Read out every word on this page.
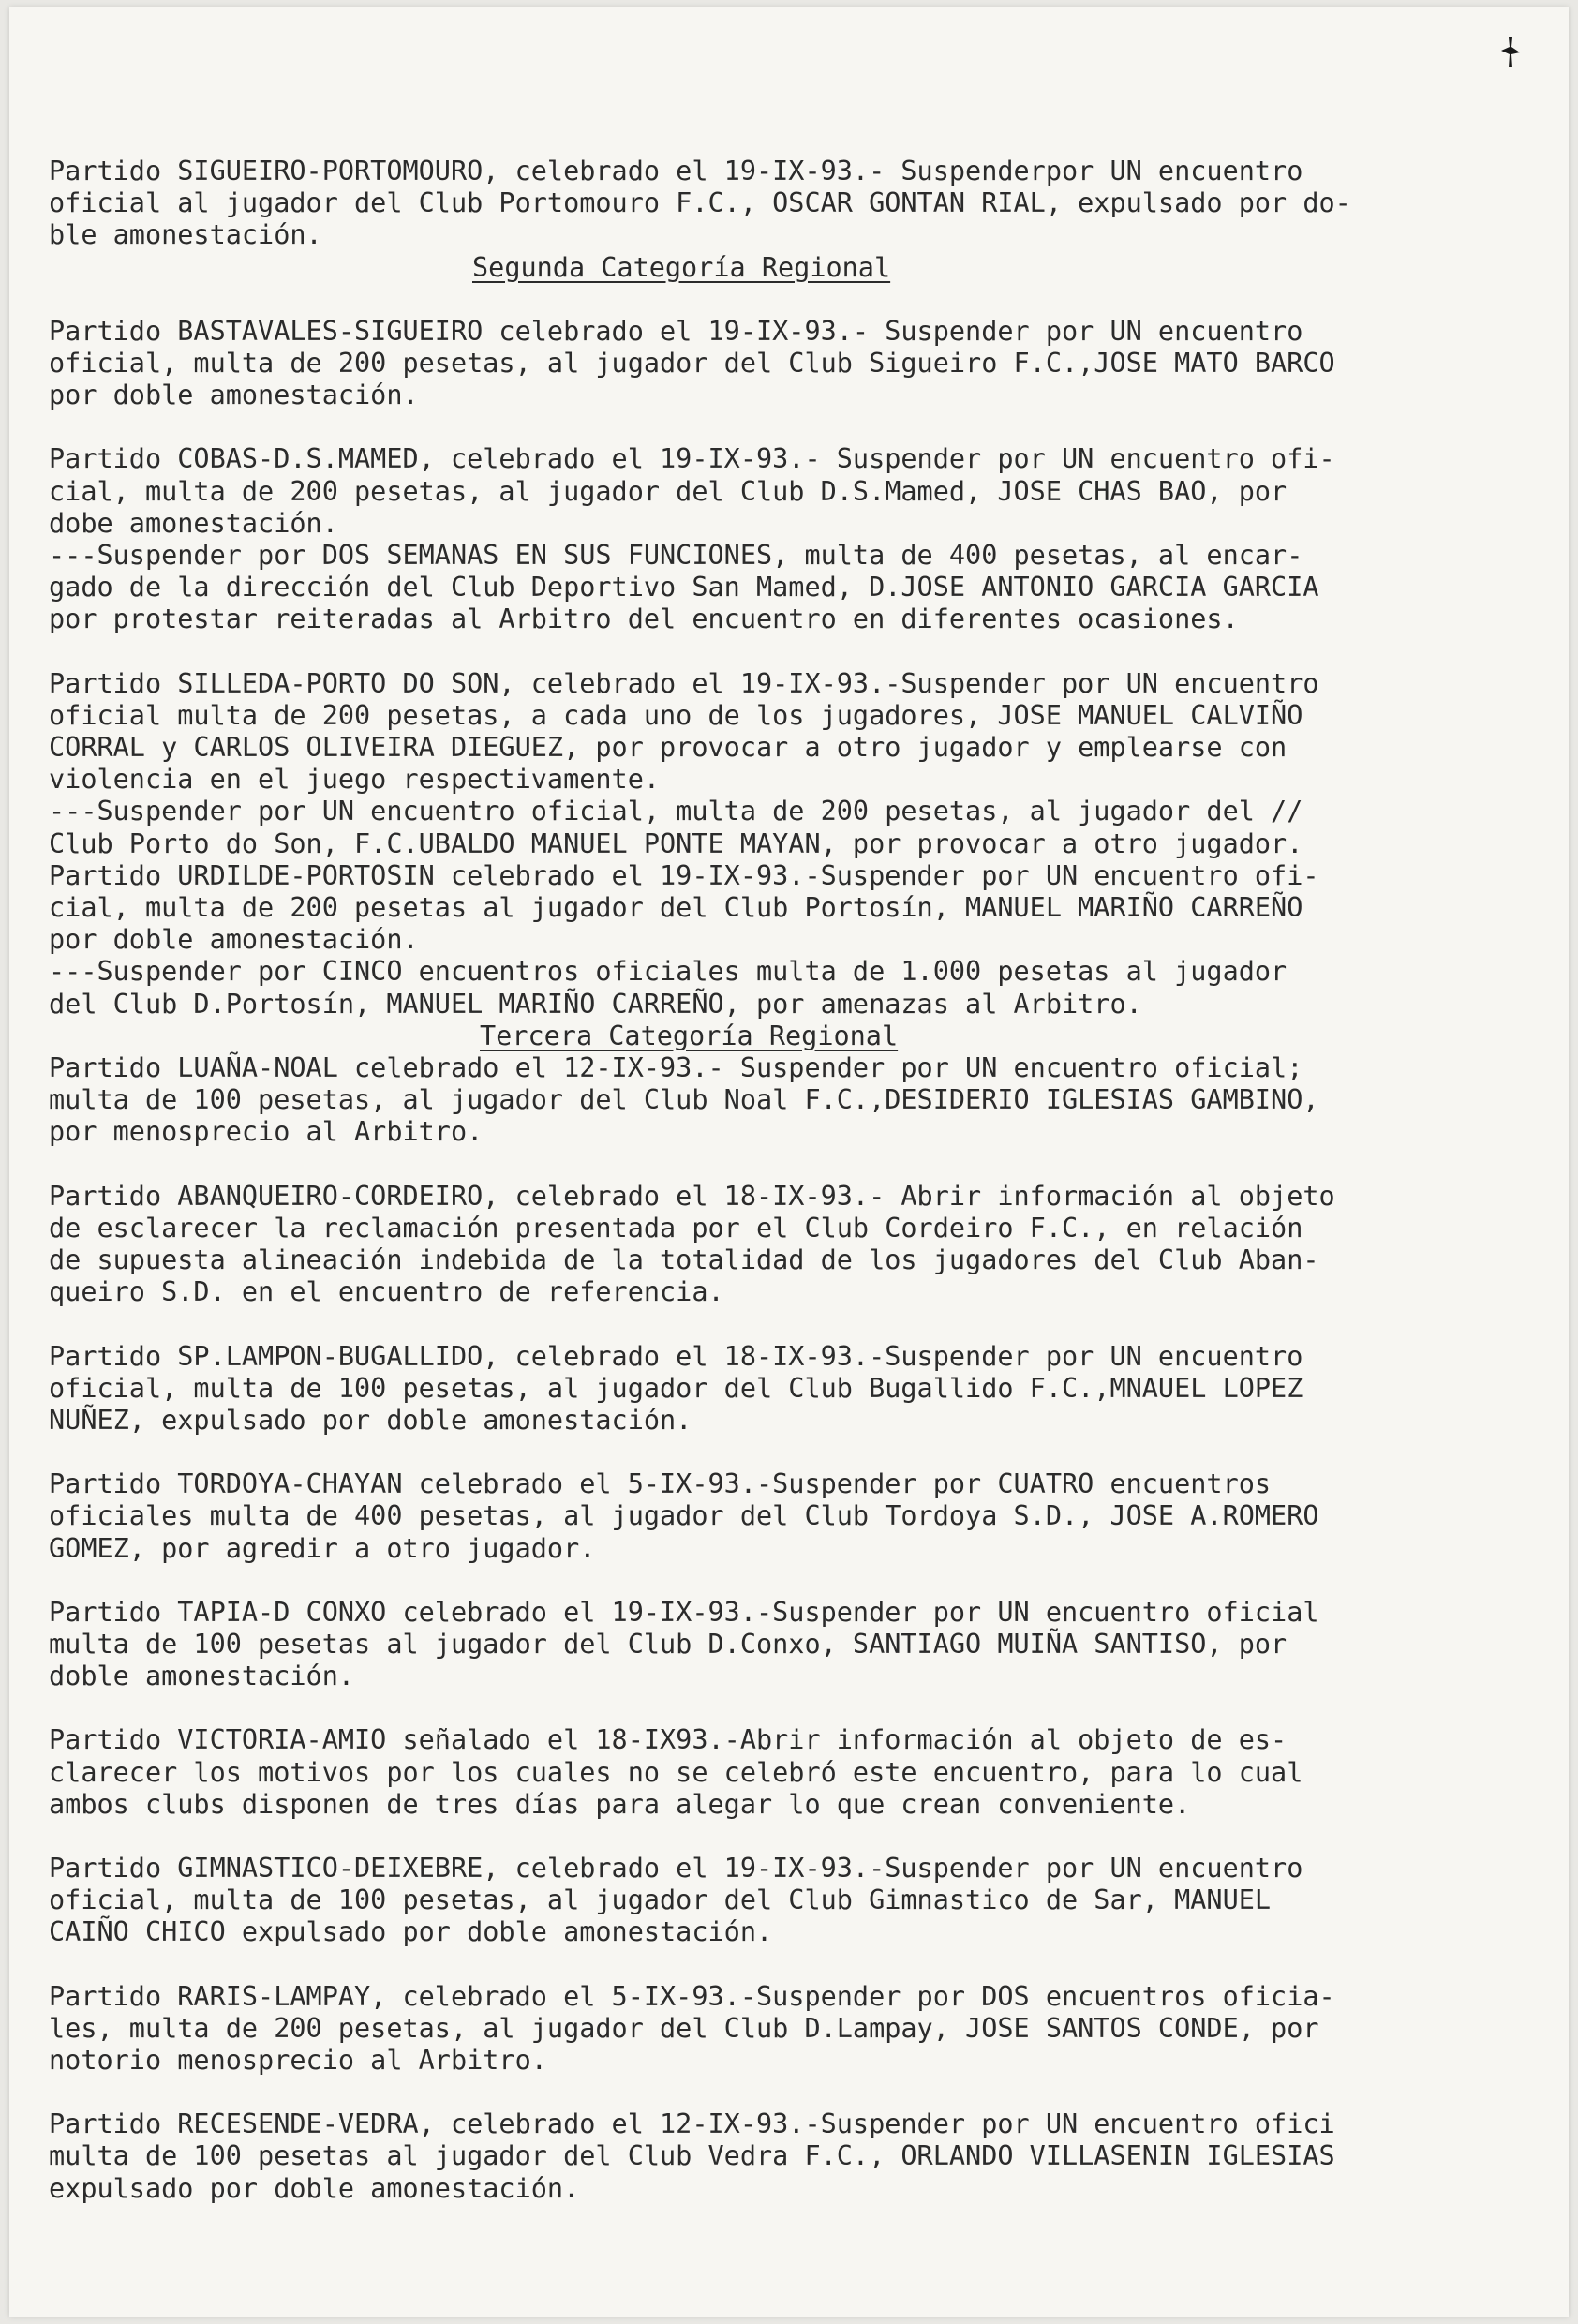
Partido SIGUEIRO-PORTOMOURO, celebrado el 19-IX-93.- Suspenderpor UN encuentro

oficial al jugador del Club Portomouro F.C., OSCAR GONTAN RIAL, expulsado por do-

ble amonestación.

Segunda Categoría Regional

Partido BASTAVALES-SIGUEIRO celebrado el 19-IX-93.- Suspender por UN encuentro

oficial, multa de 200 pesetas, al jugador del Club Sigueiro F.C.,JOSE MATO BARCO

por doble amonestación.

Partido COBAS-D.S.MAMED, celebrado el 19-IX-93.- Suspender por UN encuentro ofi-

cial, multa de 200 pesetas, al jugador del Club D.S.Mamed, JOSE CHAS BAO, por

dobe amonestación.

---Suspender por DOS SEMANAS EN SUS FUNCIONES, multa de 400 pesetas, al encar-

gado de la dirección del Club Deportivo San Mamed, D.JOSE ANTONIO GARCIA GARCIA

por protestar reiteradas al Arbitro del encuentro en diferentes ocasiones.

Partido SILLEDA-PORTO DO SON, celebrado el 19-IX-93.-Suspender por UN encuentro

oficial multa de 200 pesetas, a cada uno de los jugadores, JOSE MANUEL CALVIÑO

CORRAL y CARLOS OLIVEIRA DIEGUEZ, por provocar a otro jugador y emplearse con

violencia en el juego respectivamente.

---Suspender por UN encuentro oficial, multa de 200 pesetas, al jugador del //

Club Porto do Son, F.C.UBALDO MANUEL PONTE MAYAN, por provocar a otro jugador.

Partido URDILDE-PORTOSIN celebrado el 19-IX-93.-Suspender por UN encuentro ofi-

cial, multa de 200 pesetas al jugador del Club Portosín, MANUEL MARIÑO CARREÑO

por doble amonestación.

---Suspender por CINCO encuentros oficiales multa de 1.000 pesetas al jugador

del Club D.Portosín, MANUEL MARIÑO CARREÑO, por amenazas al Arbitro.

Tercera Categoría Regional

Partido LUAÑA-NOAL celebrado el 12-IX-93.- Suspender por UN encuentro oficial;

multa de 100 pesetas, al jugador del Club Noal F.C.,DESIDERIO IGLESIAS GAMBINO,

por menosprecio al Arbitro.

Partido ABANQUEIRO-CORDEIRO, celebrado el 18-IX-93.- Abrir información al objeto

de esclarecer la reclamación presentada por el Club Cordeiro F.C., en relación

de supuesta alineación indebida de la totalidad de los jugadores del Club Aban-

queiro S.D. en el encuentro de referencia.

Partido SP.LAMPON-BUGALLIDO, celebrado el 18-IX-93.-Suspender por UN encuentro

oficial, multa de 100 pesetas, al jugador del Club Bugallido F.C.,MNAUEL LOPEZ

NUÑEZ, expulsado por doble amonestación.

Partido TORDOYA-CHAYAN celebrado el 5-IX-93.-Suspender por CUATRO encuentros

oficiales multa de 400 pesetas, al jugador del Club Tordoya S.D., JOSE A.ROMERO

GOMEZ, por agredir a otro jugador.

Partido TAPIA-D CONXO celebrado el 19-IX-93.-Suspender por UN encuentro oficial

multa de 100 pesetas al jugador del Club D.Conxo, SANTIAGO MUIÑA SANTISO, por

doble amonestación.

Partido VICTORIA-AMIO señalado el 18-IX93.-Abrir información al objeto de es-

clarecer los motivos por los cuales no se celebró este encuentro, para lo cual

ambos clubs disponen de tres días para alegar lo que crean conveniente.

Partido GIMNASTICO-DEIXEBRE, celebrado el 19-IX-93.-Suspender por UN encuentro

oficial, multa de 100 pesetas, al jugador del Club Gimnastico de Sar, MANUEL

CAIÑO CHICO expulsado por doble amonestación.

Partido RARIS-LAMPAY, celebrado el 5-IX-93.-Suspender por DOS encuentros oficia-

les, multa de 200 pesetas, al jugador del Club D.Lampay, JOSE SANTOS CONDE, por

notorio menosprecio al Arbitro.

Partido RECESENDE-VEDRA, celebrado el 12-IX-93.-Suspender por UN encuentro ofici

multa de 100 pesetas al jugador del Club Vedra F.C., ORLANDO VILLASENIN IGLESIAS

expulsado por doble amonestación.
